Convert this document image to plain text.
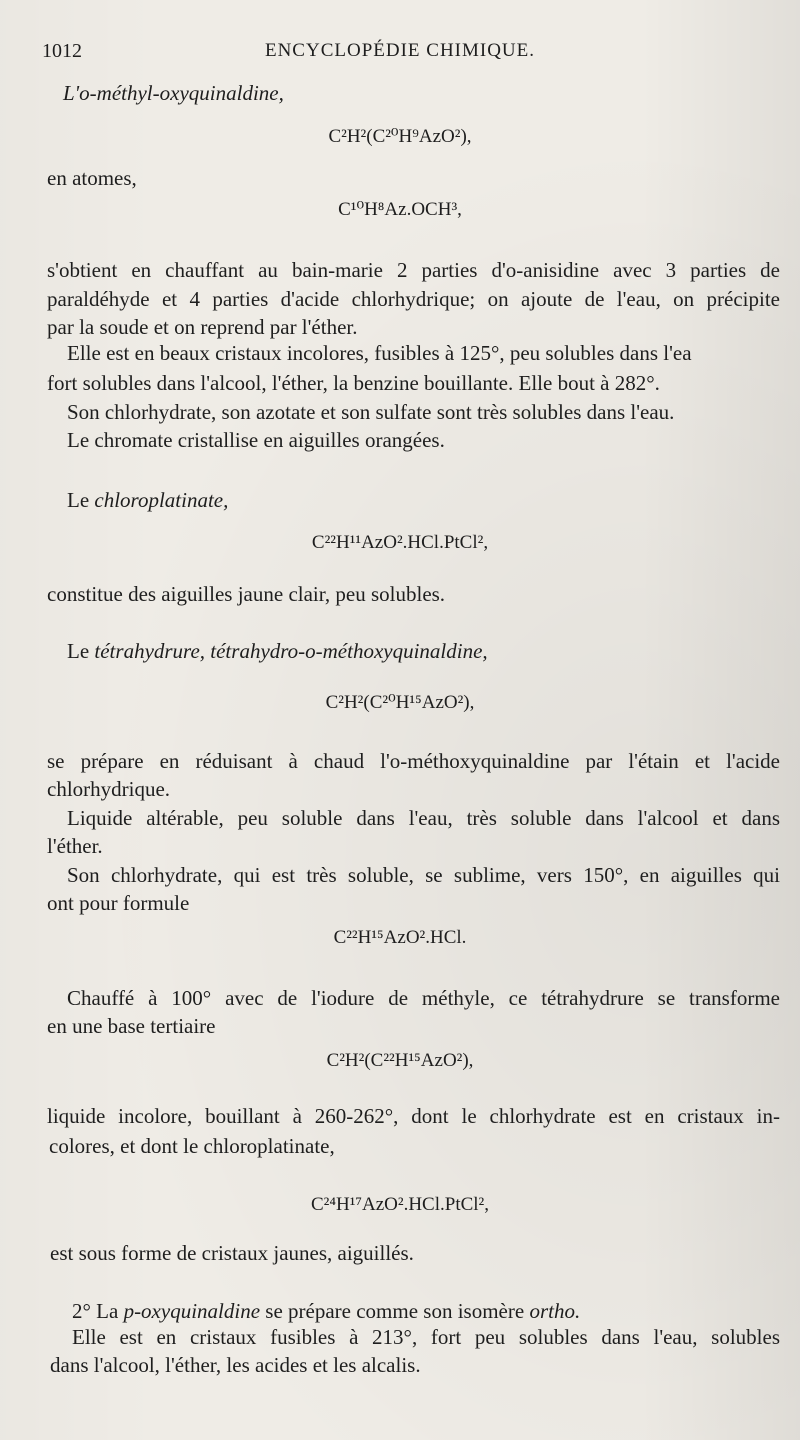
1012	ENCYCLOPÉDIE CHIMIQUE.
L'o-méthyl-oxyquinaldine,
C²H²(C²⁰H⁹AzO²),
en atomes,
C¹⁰H⁸Az.OCH³,
s'obtient en chauffant au bain-marie 2 parties d'o-anisidine avec 3 parties de
paraldéhyde et 4 parties d'acide chlorhydrique; on ajoute de l'eau, on précipite
par la soude et on reprend par l'éther.
Elle est en beaux cristaux incolores, fusibles à 125°, peu solubles dans l'ea
fort solubles dans l'alcool, l'éther, la benzine bouillante. Elle bout à 282°.
Son chlorhydrate, son azotate et son sulfate sont très solubles dans l'eau.
Le chromate cristallise en aiguilles orangées.
Le chloroplatinate,
C²²H¹¹AzO².HCl.PtCl²,
constitue des aiguilles jaune clair, peu solubles.
Le tétrahydrure, tétrahydro-o-méthoxyquinaldine,
C²H²(C²⁰H¹⁵AzO²),
se prépare en réduisant à chaud l'o-méthoxyquinaldine par l'étain et l'acide
chlorhydrique.
Liquide altérable, peu soluble dans l'eau, très soluble dans l'alcool et dans
l'éther.
Son chlorhydrate, qui est très soluble, se sublime, vers 150°, en aiguilles qui
ont pour formule
C²²H¹⁵AzO².HCl.
Chauffé à 100° avec de l'iodure de méthyle, ce tétrahydrure se transforme
en une base tertiaire
C²H²(C²²H¹⁵AzO²),
liquide incolore, bouillant à 260-262°, dont le chlorhydrate est en cristaux in-
colores, et dont le chloroplatinate,
C²⁴H¹⁷AzO².HCl.PtCl²,
est sous forme de cristaux jaunes, aiguillés.
2° La p-oxyquinaldine se prépare comme son isomère ortho.
Elle est en cristaux fusibles à 213°, fort peu solubles dans l'eau, solubles
dans l'alcool, l'éther, les acides et les alcalis.
